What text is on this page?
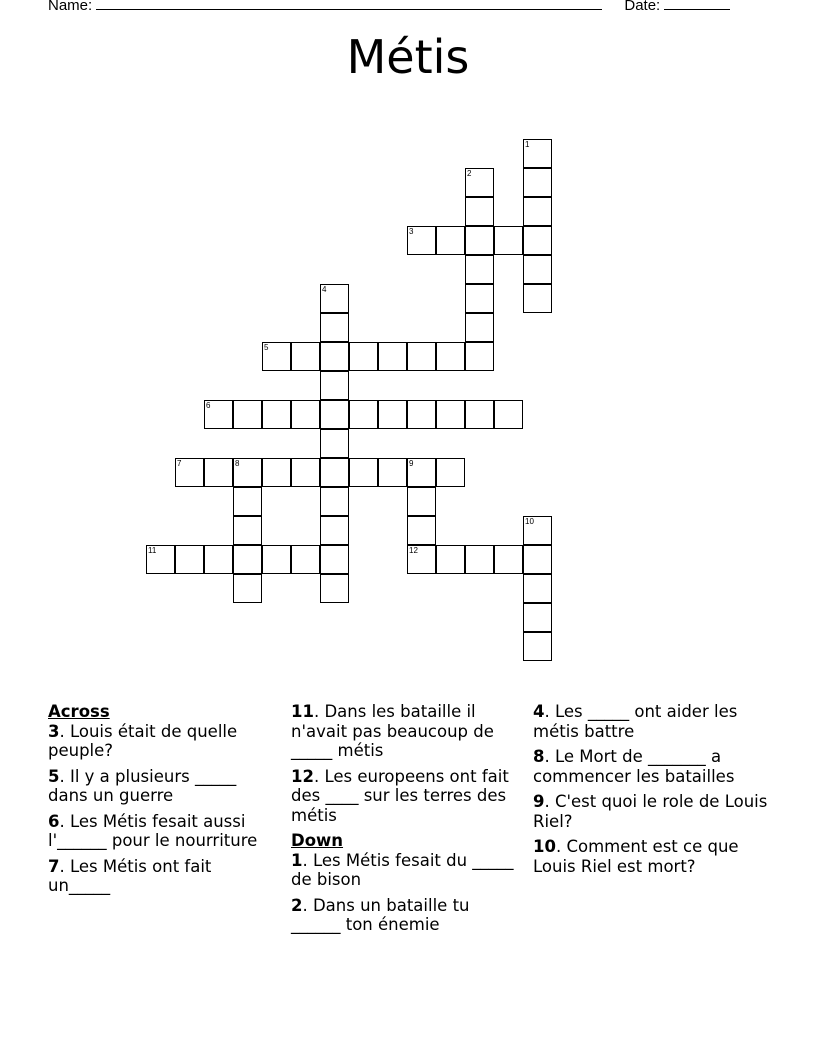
Name:	Date:
Métis
1
2
3
4
5
6
7	8	9
10
11	12

Across

3. Louis était de quelle peuple?

5. Il y a plusieurs _____ dans un guerre

6. Les Métis fesait aussi l'______ pour le nourriture

7. Les Métis ont fait un_____

11. Dans les bataille il n'avait pas beaucoup de _____ métis

12. Les europeens ont fait des ____ sur les terres des métis

Down

1. Les Métis fesait du _____ de bison

2. Dans un bataille tu ______ ton énemie

4. Les _____ ont aider les métis battre

8. Le Mort de _______ a commencer les batailles

9. C'est quoi le role de Louis Riel?

10. Comment est ce que Louis Riel est mort?
